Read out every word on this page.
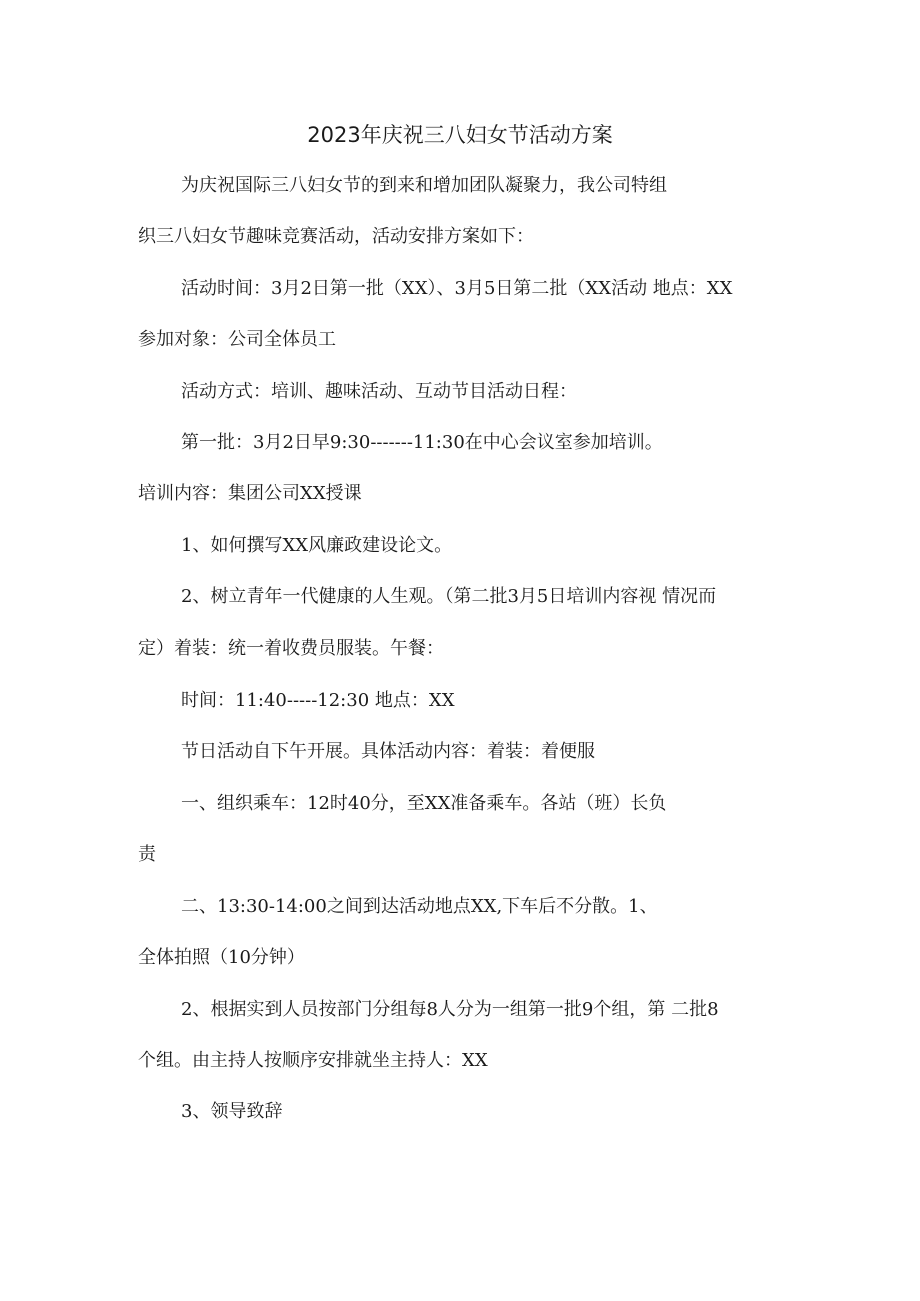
2023年庆祝三八妇女节活动方案

为庆祝国际三八妇女节的到来和增加团队凝聚力，我公司特组

织三八妇女节趣味竞赛活动，活动安排方案如下：

活动时间：3月2日第一批（XX）、3月5日第二批（XX活动 地点：XX

参加对象：公司全体员工

活动方式：培训、趣味活动、互动节目活动日程：

第一批：3月2日早9:30-------11:30在中心会议室参加培训。

培训内容：集团公司XX授课

1、如何撰写XX风廉政建设论文。

2、树立青年一代健康的人生观。（第二批3月5日培训内容视 情况而

定）着装：统一着收费员服装。午餐：

时间：11:40-----12:30 地点：XX

节日活动自下午开展。具体活动内容：着装：着便服

一、组织乘车：12时40分，至XX准备乘车。各站（班）长负

责

二、13:30-14:00之间到达活动地点XX,下车后不分散。1、

全体拍照（10分钟）

2、根据实到人员按部门分组每8人分为一组第一批9个组，第 二批8

个组。由主持人按顺序安排就坐主持人：XX

3、领导致辞
